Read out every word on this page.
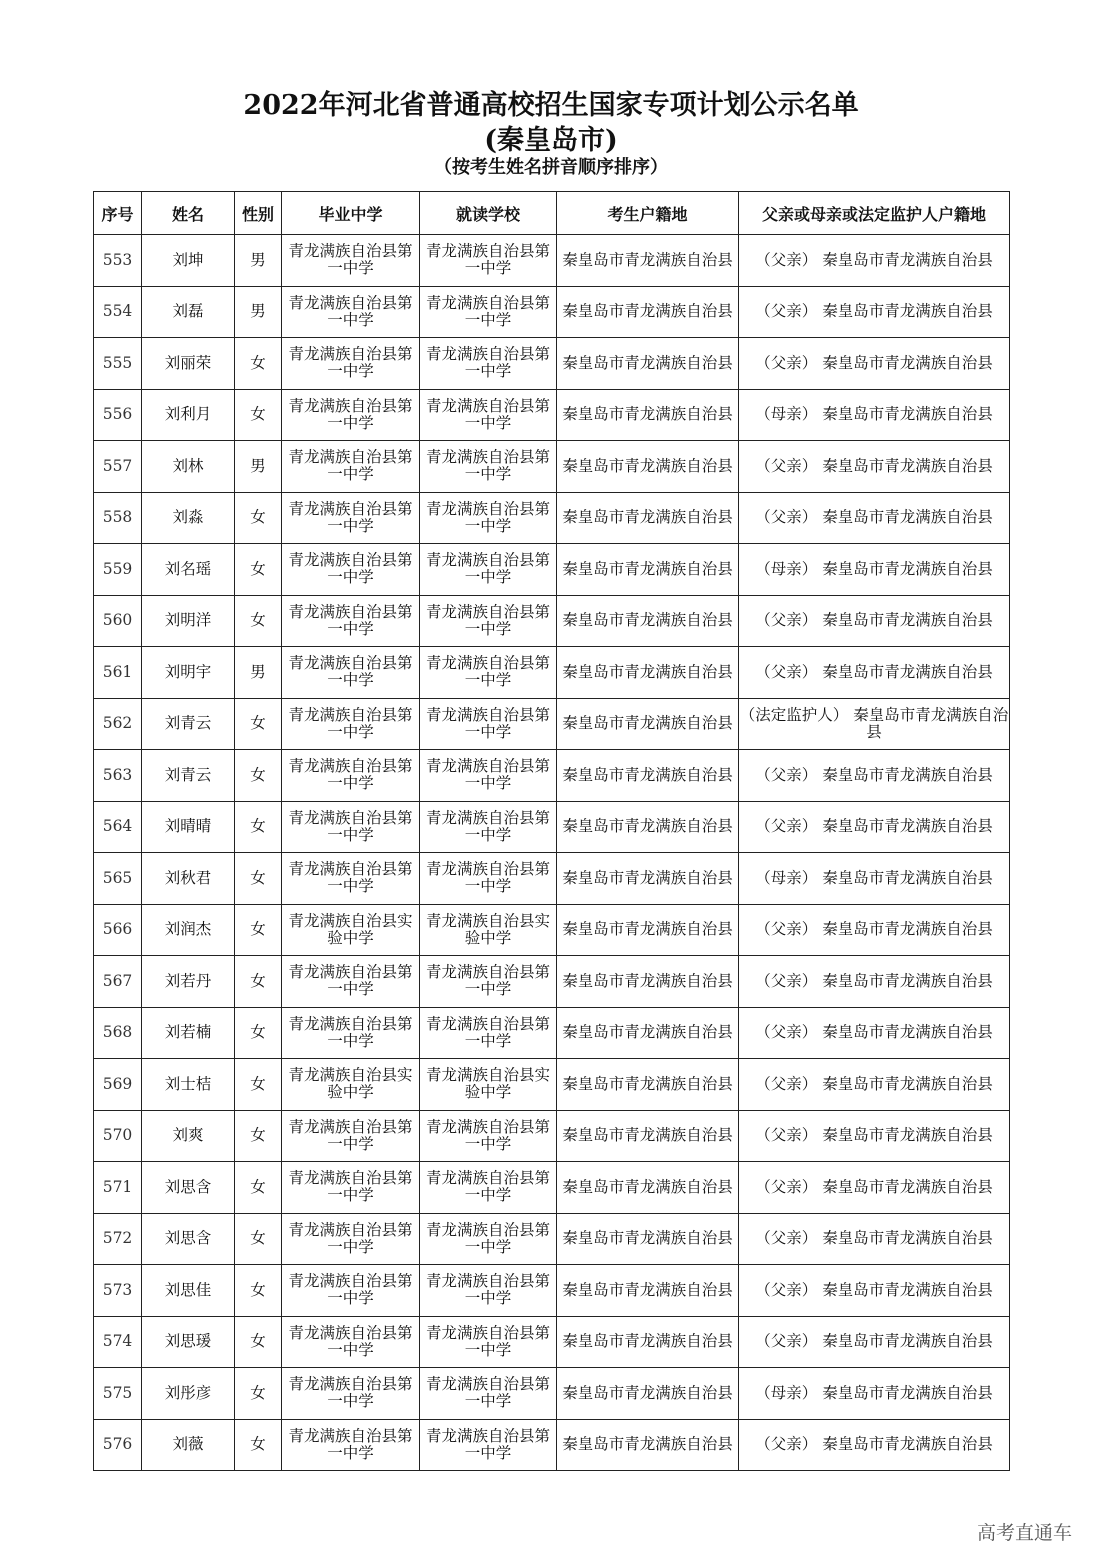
2022年河北省普通高校招生国家专项计划公示名单
(秦皇岛市)
（按考生姓名拼音顺序排序）
序号	姓名	性别	毕业中学	就读学校	考生户籍地	父亲或母亲或法定监护人户籍地
553	刘坤	男	青龙满族自治县第一中学	青龙满族自治县第一中学	秦皇岛市青龙满族自治县	（父亲） 秦皇岛市青龙满族自治县
554	刘磊	男	青龙满族自治县第一中学	青龙满族自治县第一中学	秦皇岛市青龙满族自治县	（父亲） 秦皇岛市青龙满族自治县
555	刘丽荣	女	青龙满族自治县第一中学	青龙满族自治县第一中学	秦皇岛市青龙满族自治县	（父亲） 秦皇岛市青龙满族自治县
556	刘利月	女	青龙满族自治县第一中学	青龙满族自治县第一中学	秦皇岛市青龙满族自治县	（母亲） 秦皇岛市青龙满族自治县
557	刘林	男	青龙满族自治县第一中学	青龙满族自治县第一中学	秦皇岛市青龙满族自治县	（父亲） 秦皇岛市青龙满族自治县
558	刘淼	女	青龙满族自治县第一中学	青龙满族自治县第一中学	秦皇岛市青龙满族自治县	（父亲） 秦皇岛市青龙满族自治县
559	刘名瑶	女	青龙满族自治县第一中学	青龙满族自治县第一中学	秦皇岛市青龙满族自治县	（母亲） 秦皇岛市青龙满族自治县
560	刘明洋	女	青龙满族自治县第一中学	青龙满族自治县第一中学	秦皇岛市青龙满族自治县	（父亲） 秦皇岛市青龙满族自治县
561	刘明宇	男	青龙满族自治县第一中学	青龙满族自治县第一中学	秦皇岛市青龙满族自治县	（父亲） 秦皇岛市青龙满族自治县
562	刘青云	女	青龙满族自治县第一中学	青龙满族自治县第一中学	秦皇岛市青龙满族自治县	（法定监护人） 秦皇岛市青龙满族自治县
563	刘青云	女	青龙满族自治县第一中学	青龙满族自治县第一中学	秦皇岛市青龙满族自治县	（父亲） 秦皇岛市青龙满族自治县
564	刘晴晴	女	青龙满族自治县第一中学	青龙满族自治县第一中学	秦皇岛市青龙满族自治县	（父亲） 秦皇岛市青龙满族自治县
565	刘秋君	女	青龙满族自治县第一中学	青龙满族自治县第一中学	秦皇岛市青龙满族自治县	（母亲） 秦皇岛市青龙满族自治县
566	刘润杰	女	青龙满族自治县实验中学	青龙满族自治县实验中学	秦皇岛市青龙满族自治县	（父亲） 秦皇岛市青龙满族自治县
567	刘若丹	女	青龙满族自治县第一中学	青龙满族自治县第一中学	秦皇岛市青龙满族自治县	（父亲） 秦皇岛市青龙满族自治县
568	刘若楠	女	青龙满族自治县第一中学	青龙满族自治县第一中学	秦皇岛市青龙满族自治县	（父亲） 秦皇岛市青龙满族自治县
569	刘士桔	女	青龙满族自治县实验中学	青龙满族自治县实验中学	秦皇岛市青龙满族自治县	（父亲） 秦皇岛市青龙满族自治县
570	刘爽	女	青龙满族自治县第一中学	青龙满族自治县第一中学	秦皇岛市青龙满族自治县	（父亲） 秦皇岛市青龙满族自治县
571	刘思含	女	青龙满族自治县第一中学	青龙满族自治县第一中学	秦皇岛市青龙满族自治县	（父亲） 秦皇岛市青龙满族自治县
572	刘思含	女	青龙满族自治县第一中学	青龙满族自治县第一中学	秦皇岛市青龙满族自治县	（父亲） 秦皇岛市青龙满族自治县
573	刘思佳	女	青龙满族自治县第一中学	青龙满族自治县第一中学	秦皇岛市青龙满族自治县	（父亲） 秦皇岛市青龙满族自治县
574	刘思瑗	女	青龙满族自治县第一中学	青龙满族自治县第一中学	秦皇岛市青龙满族自治县	（父亲） 秦皇岛市青龙满族自治县
575	刘彤彦	女	青龙满族自治县第一中学	青龙满族自治县第一中学	秦皇岛市青龙满族自治县	（母亲） 秦皇岛市青龙满族自治县
576	刘薇	女	青龙满族自治县第一中学	青龙满族自治县第一中学	秦皇岛市青龙满族自治县	（父亲） 秦皇岛市青龙满族自治县
高考直通车
